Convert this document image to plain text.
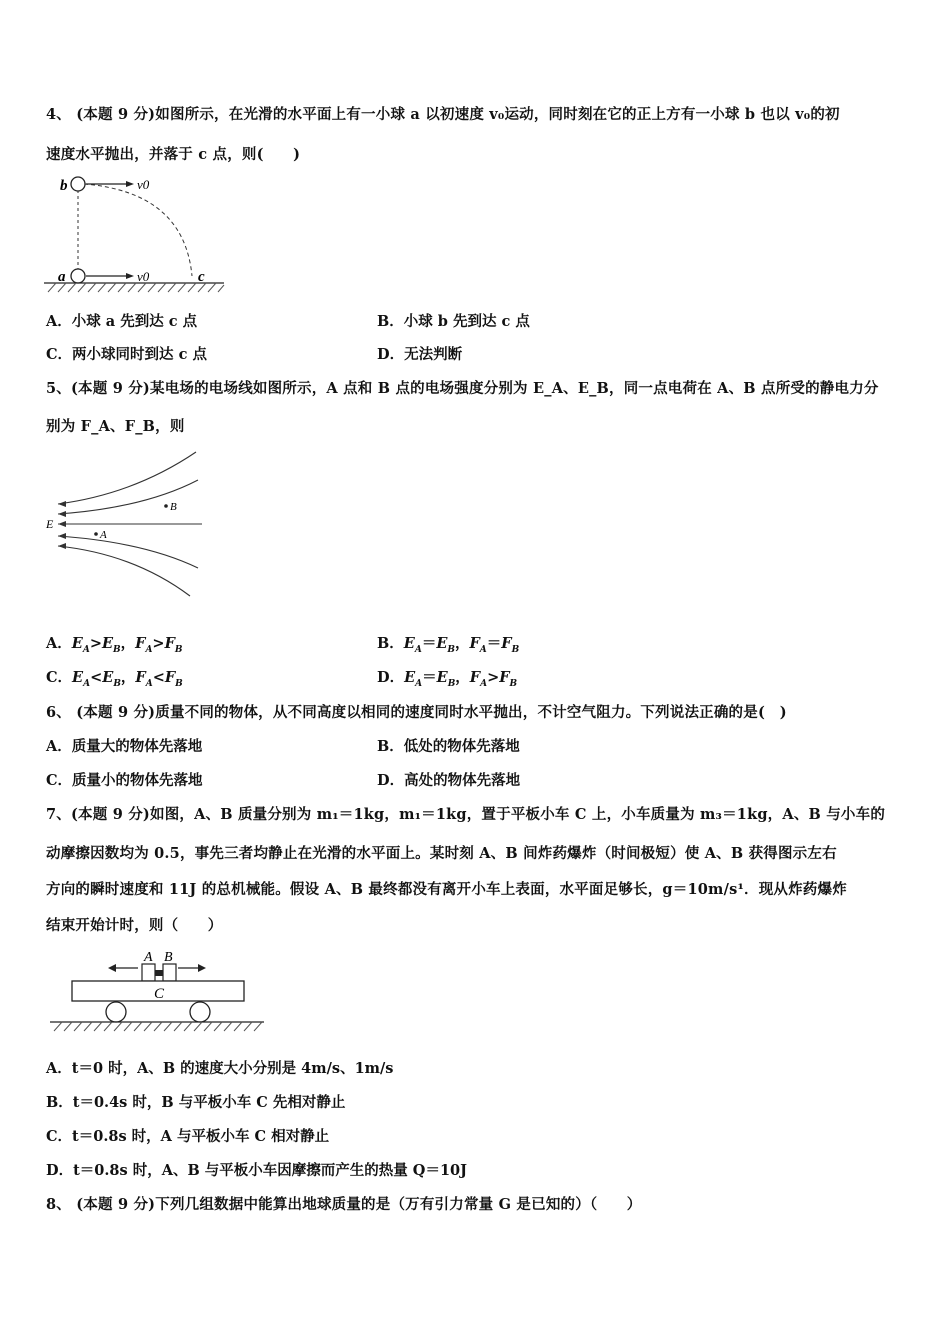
4、 (本题 9 分)如图所示，在光滑的水平面上有一小球 a 以初速度 v₀运动，同时刻在它的正上方有一小球 b 也以 v₀的初
速度水平抛出，并落于 c 点，则(　　)
b
a	c
v0
v0
A．小球 a 先到达 c 点	B．小球 b 先到达 c 点
C．两小球同时到达 c 点	D．无法判断
5、(本题 9 分)某电场的电场线如图所示，A 点和 B 点的电场强度分别为 E_A、E_B，同一点电荷在 A、B 点所受的静电力分
别为 F_A、F_B，则
E
B
A
A．$E_A>E_B$，$F_A>F_B$	B．$E_A=E_B$，$F_A=F_B$
C．$E_A<E_B$，$F_A<F_B$	D．$E_A=E_B$，$F_A>F_B$
6、 (本题 9 分)质量不同的物体，从不同高度以相同的速度同时水平抛出，不计空气阻力。下列说法正确的是(　)
A．质量大的物体先落地	B．低处的物体先落地
C．质量小的物体先落地	D．高处的物体先落地
7、(本题 9 分)如图，A、B 质量分别为 m₁＝1kg，m₁＝1kg，置于平板小车 C 上，小车质量为 m₃＝1kg，A、B 与小车的
动摩擦因数均为 0.5，事先三者均静止在光滑的水平面上。某时刻 A、B 间炸药爆炸（时间极短）使 A、B 获得图示左右
方向的瞬时速度和 11J 的总机械能。假设 A、B 最终都没有离开小车上表面，水平面足够长，g＝10m/s¹．现从炸药爆炸
结束开始计时，则（　　）
A B
C
A．t＝0 时，A、B 的速度大小分别是 4m/s、1m/s
B．t＝0.4s 时，B 与平板小车 C 先相对静止
C．t＝0.8s 时，A 与平板小车 C 相对静止
D．t＝0.8s 时，A、B 与平板小车因摩擦而产生的热量 Q＝10J
8、 (本题 9 分)下列几组数据中能算出地球质量的是（万有引力常量 G 是已知的）（　　）
